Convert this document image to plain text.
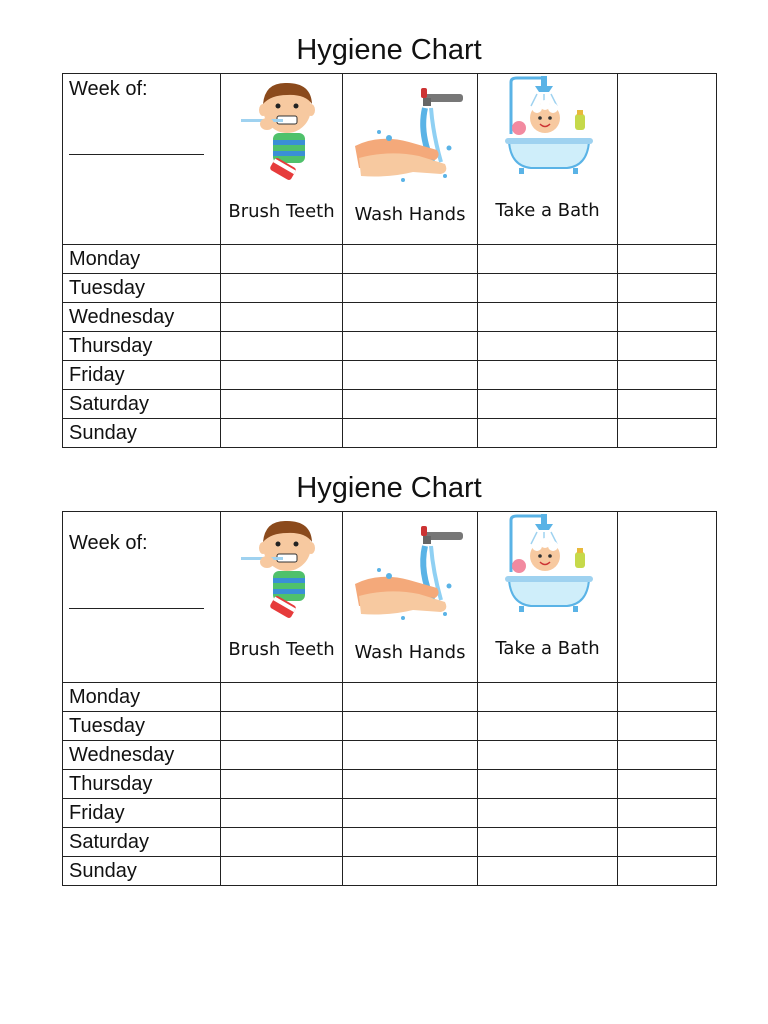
Hygiene Chart
Week of:	Brush Teeth	Wash Hands	Take a Bath	

Monday				
Tuesday				
Wednesday				
Thursday				
Friday				
Saturday				
Sunday				
Hygiene Chart
Week of:	Brush Teeth	Wash Hands	Take a Bath	

Monday				
Tuesday				
Wednesday				
Thursday				
Friday				
Saturday				
Sunday				
